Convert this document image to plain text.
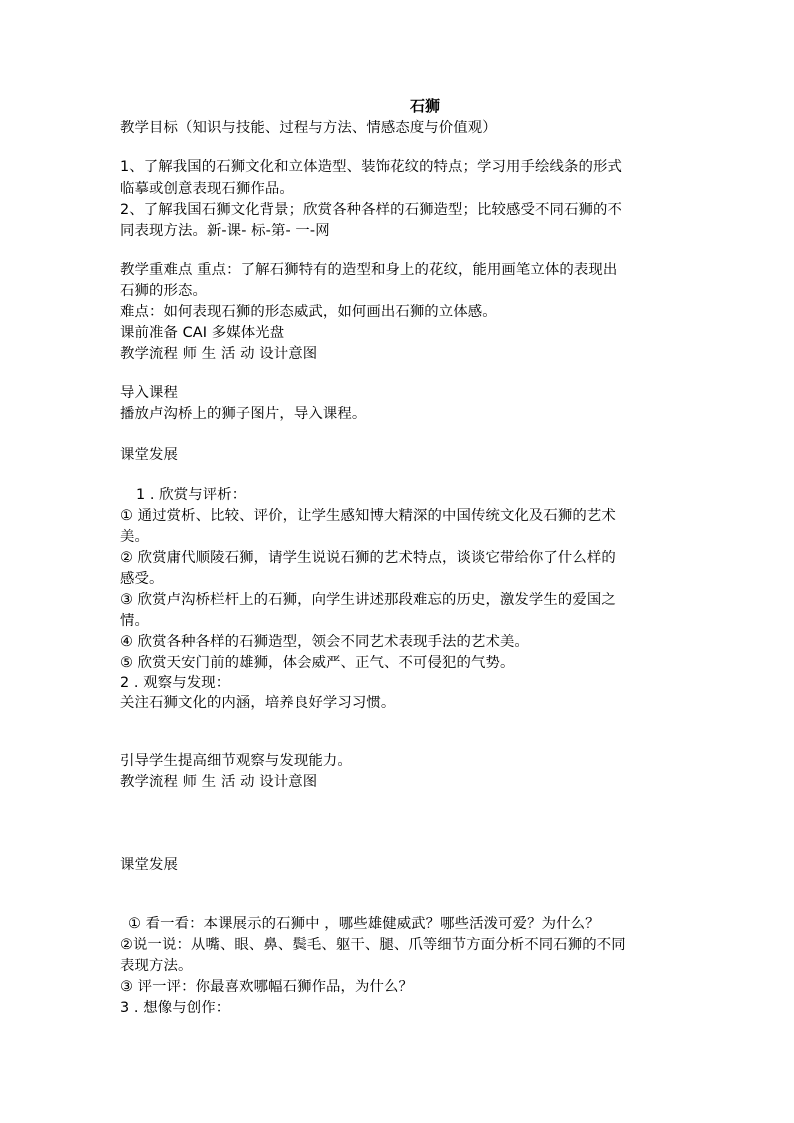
石狮
教学目标（知识与技能、过程与方法、情感态度与价值观）
1、了解我国的石狮文化和立体造型、装饰花纹的特点；学习用手绘线条的形式
临摹或创意表现石狮作品。
2、了解我国石狮文化背景；欣赏各种各样的石狮造型；比较感受不同石狮的不
同表现方法。新-课- 标-第- 一-网
教学重难点 重点：了解石狮特有的造型和身上的花纹，能用画笔立体的表现出
石狮的形态。
难点：如何表现石狮的形态威武，如何画出石狮的立体感。
课前准备 CAI 多媒体光盘
教学流程 师 生 活 动 设计意图
导入课程
播放卢沟桥上的狮子图片，导入课程。
课堂发展
1 . 欣赏与评析：
① 通过赏析、比较、评价，让学生感知博大精深的中国传统文化及石狮的艺术
美。
② 欣赏庸代顺陵石狮，请学生说说石狮的艺术特点，谈谈它带给你了什么样的
感受。
③ 欣赏卢沟桥栏杆上的石狮，向学生讲述那段难忘的历史，激发学生的爱国之
情。
④ 欣赏各种各样的石狮造型，领会不同艺术表现手法的艺术美。
⑤ 欣赏天安门前的雄狮，体会威严、正气、不可侵犯的气势。
2 . 观察与发现：
关注石狮文化的内涵，培养良好学习习惯。
引导学生提高细节观察与发现能力。
教学流程 师 生 活 动 设计意图
课堂发展
① 看一看：本课展示的石狮中 ，哪些雄健威武？哪些活泼可爱？为什么？
②说一说：从嘴、眼、鼻、鬓毛、躯干、腿、爪等细节方面分析不同石狮的不同
表现方法。
③ 评一评：你最喜欢哪幅石狮作品，为什么？
3 . 想像与创作：
